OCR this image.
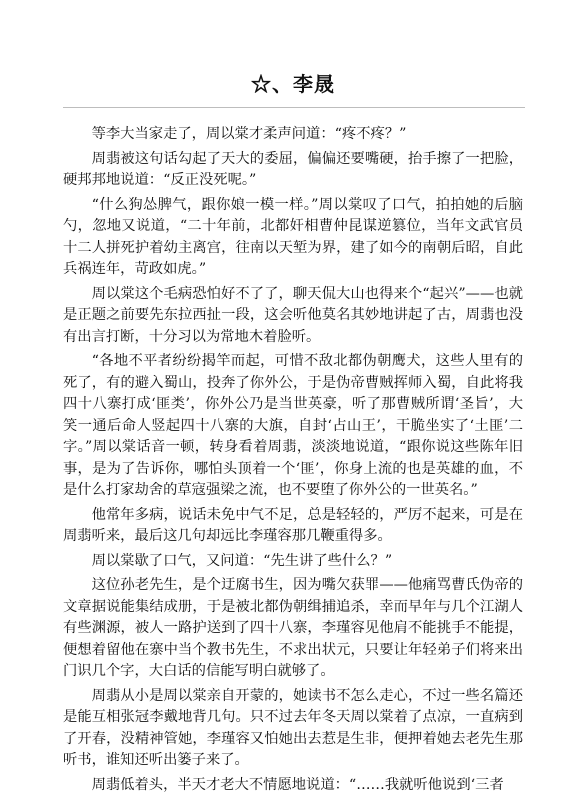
☆、李晟

等李大当家走了，周以棠才柔声问道：“疼不疼？”

周翡被这句话勾起了天大的委屈，偏偏还要嘴硬，抬手擦了一把脸，硬邦邦地说道：“反正没死呢。”

“什么狗怂脾气，跟你娘一模一样。”周以棠叹了口气，拍拍她的后脑勺，忽地又说道，“二十年前，北都奸相曹仲昆谋逆篡位，当年文武官员十二人拼死护着幼主离宫，往南以天堑为界，建了如今的南朝后昭，自此兵祸连年，苛政如虎。”

周以棠这个毛病恐怕好不了了，聊天侃大山也得来个“起兴”——也就是正题之前要先东拉西扯一段，这会听他莫名其妙地讲起了古，周翡也没有出言打断，十分习以为常地木着脸听。

“各地不平者纷纷揭竿而起，可惜不敌北都伪朝鹰犬，这些人里有的死了，有的避入蜀山，投奔了你外公，于是伪帝曹贼挥师入蜀，自此将我四十八寨打成‘匪类’，你外公乃是当世英豪，听了那曹贼所谓‘圣旨’，大笑一通后命人竖起四十八寨的大旗，自封‘占山王’，干脆坐实了‘土匪’二字。”周以棠话音一顿，转身看着周翡，淡淡地说道，“跟你说这些陈年旧事，是为了告诉你，哪怕头顶着一个‘匪’，你身上流的也是英雄的血，不是什么打家劫舍的草寇强梁之流，也不要堕了你外公的一世英名。”

他常年多病，说话未免中气不足，总是轻轻的，严厉不起来，可是在周翡听来，最后这几句却远比李瑾容那几鞭重得多。

周以棠歇了口气，又问道：“先生讲了些什么？”

这位孙老先生，是个迂腐书生，因为嘴欠获罪——他痛骂曹氏伪帝的文章据说能集结成册，于是被北都伪朝缉捕追杀，幸而早年与几个江湖人有些渊源，被人一路护送到了四十八寨，李瑾容见他肩不能挑手不能提，便想着留他在寨中当个教书先生，不求出状元，只要让年轻弟子们将来出门识几个字，大白话的信能写明白就够了。

周翡从小是周以棠亲自开蒙的，她读书不怎么走心，不过一些名篇还是能互相张冠李戴地背几句。只不过去年冬天周以棠着了点凉，一直病到了开春，没精神管她，李瑾容又怕她出去惹是生非，便押着她去老先生那听书，谁知还听出篓子来了。

周翡低着头，半天才老大不情愿地说道：“……我就听他说到‘三者
